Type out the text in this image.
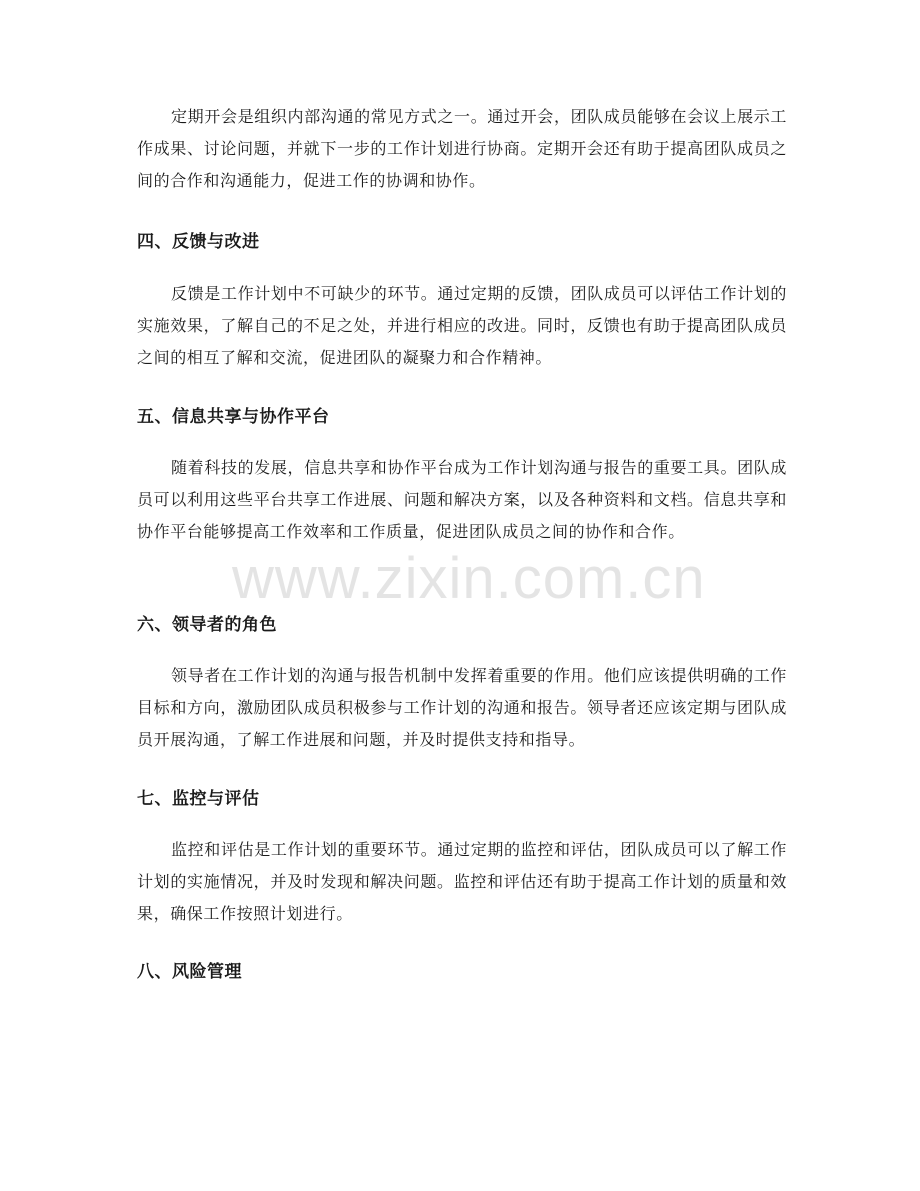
定期开会是组织内部沟通的常见方式之一。通过开会，团队成员能够在会议上展示工作成果、讨论问题，并就下一步的工作计划进行协商。定期开会还有助于提高团队成员之间的合作和沟通能力，促进工作的协调和协作。

四、反馈与改进

反馈是工作计划中不可缺少的环节。通过定期的反馈，团队成员可以评估工作计划的实施效果，了解自己的不足之处，并进行相应的改进。同时，反馈也有助于提高团队成员之间的相互了解和交流，促进团队的凝聚力和合作精神。

五、信息共享与协作平台

随着科技的发展，信息共享和协作平台成为工作计划沟通与报告的重要工具。团队成员可以利用这些平台共享工作进展、问题和解决方案，以及各种资料和文档。信息共享和协作平台能够提高工作效率和工作质量，促进团队成员之间的协作和合作。

六、领导者的角色

领导者在工作计划的沟通与报告机制中发挥着重要的作用。他们应该提供明确的工作目标和方向，激励团队成员积极参与工作计划的沟通和报告。领导者还应该定期与团队成员开展沟通，了解工作进展和问题，并及时提供支持和指导。

七、监控与评估

监控和评估是工作计划的重要环节。通过定期的监控和评估，团队成员可以了解工作计划的实施情况，并及时发现和解决问题。监控和评估还有助于提高工作计划的质量和效果，确保工作按照计划进行。

八、风险管理
www.zixin.com.cn
